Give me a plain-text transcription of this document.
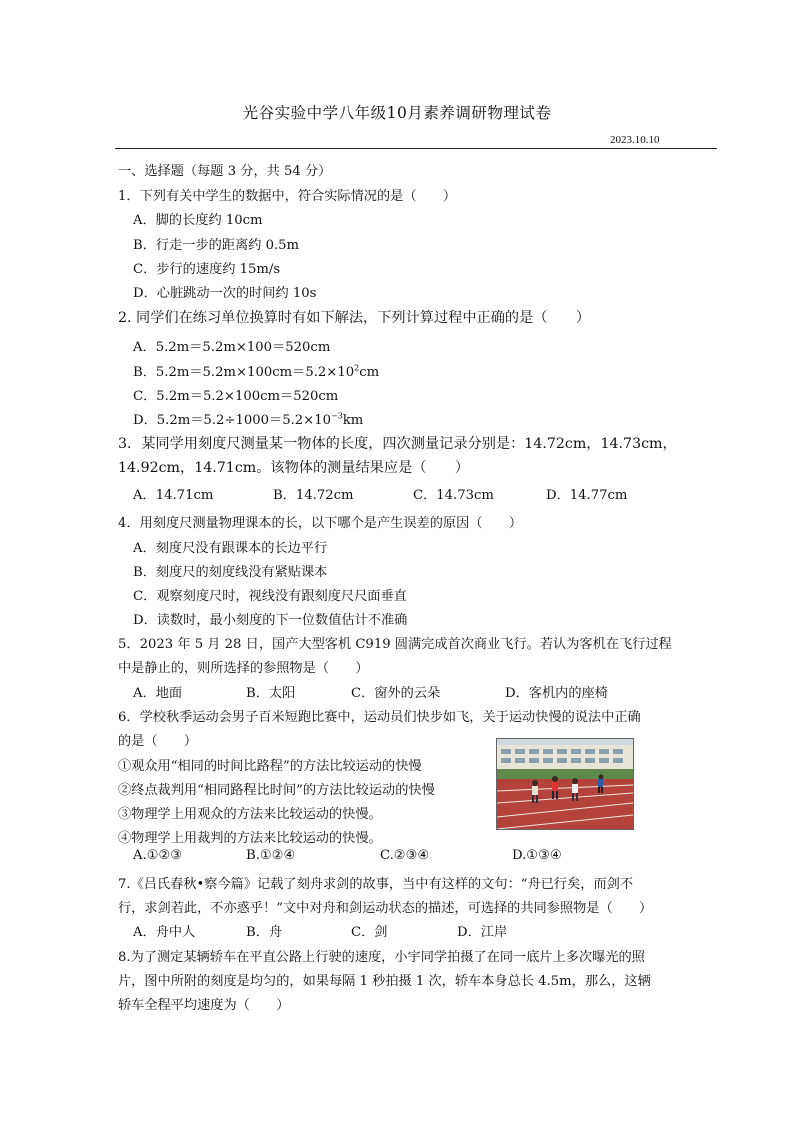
光谷实验中学八年级10月素养调研物理试卷
2023.10.10
一、选择题（每题 3 分，共 54 分）
1．下列有关中学生的数据中，符合实际情况的是（　　）
A．脚的长度约 10cm
B．行走一步的距离约 0.5m
C．步行的速度约 15m/s
D．心脏跳动一次的时间约 10s
2. 同学们在练习单位换算时有如下解法，下列计算过程中正确的是（　　）
A．5.2m＝5.2m×100＝520cm
B．$5.2m=5.2m\times 100cm=5.2\times 10^2cm$
C．5.2m＝5.2×100cm＝520cm
D．$5.2m=5.2\div 1000=5.2\times 10^{-3}km$
3．某同学用刻度尺测量某一物体的长度，四次测量记录分别是：14.72cm，14.73cm，
14.92cm，14.71cm。该物体的测量结果应是（　　）
A．14.71cm	B．14.72cm	C．14.73cm	D．14.77cm
4．用刻度尺测量物理课本的长，以下哪个是产生误差的原因（　　）
A．刻度尺没有跟课本的长边平行
B．刻度尺的刻度线没有紧贴课本
C．观察刻度尺时，视线没有跟刻度尺尺面垂直
D．读数时，最小刻度的下一位数值估计不准确
5．2023 年 5 月 28 日，国产大型客机 C919 圆满完成首次商业飞行。若认为客机在飞行过程
中是静止的，则所选择的参照物是（　　）
A．地面	B．太阳	C．窗外的云朵	D．客机内的座椅
6．学校秋季运动会男子百米短跑比赛中，运动员们快步如飞，关于运动快慢的说法中正确
的是（　　）
①观众用“相同的时间比路程”的方法比较运动的快慢
②终点裁判用“相同路程比时间”的方法比较运动的快慢
③物理学上用观众的方法来比较运动的快慢。
④物理学上用裁判的方法来比较运动的快慢。
A.①②③	B.①②④	C.②③④	D.①③④
7.《吕氏春秋•察今篇》记载了刻舟求剑的故事，当中有这样的文句：“舟已行矣，而剑不
行，求剑若此，不亦惑乎！”文中对舟和剑运动状态的描述，可选择的共同参照物是（　　）
A．舟中人	B．舟	C．剑	D．江岸
8.为了测定某辆轿车在平直公路上行驶的速度，小宇同学拍摄了在同一底片上多次曝光的照
片，图中所附的刻度是均匀的，如果每隔 1 秒拍摄 1 次，轿车本身总长 4.5m，那么，这辆
轿车全程平均速度为（　　）
